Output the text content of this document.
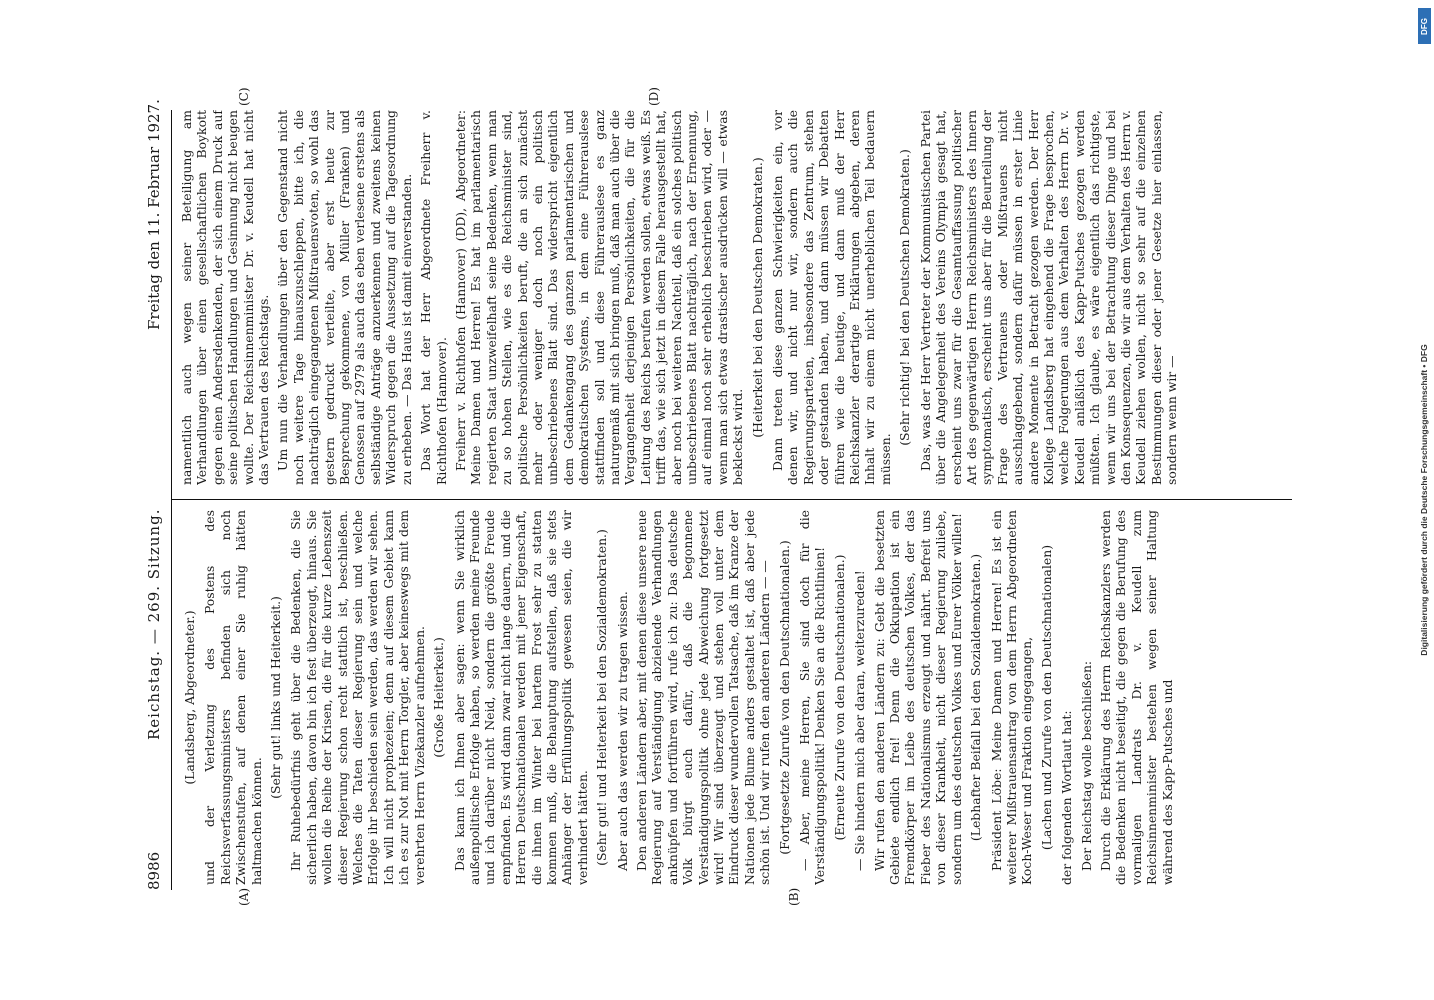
8986
Reichstag. — 269. Sitzung.
Freitag den 11. Februar 1927.
(A)	(B)
(C)	(D)

(Landsberg, Abgeordneter.) und der Verletzung des Postens des Reichsverfassungsministers befinden sich noch Zwischenstufen, auf denen einer Sie ruhig hätten haltmachen können.

(Sehr gut! links und Heiterkeit.) Ihr Ruhebedürfnis geht über die Bedenken, die Sie sicherlich haben, davon bin ich fest überzeugt, hinaus. Sie wollen die Reihe der Krisen, die für die kurze Lebenszeit dieser Regierung schon recht stattlich ist, beschließen. Welches die Taten dieser Regierung sein und welche Erfolge ihr beschieden sein werden, das werden wir sehen. Ich will nicht prophezeien; denn auf diesem Gebiet kann ich es zur Not mit Herrn Torgler, aber keineswegs mit dem verehrten Herrn Vizekanzler aufnehmen. (Große Heiterkeit.) Das kann ich Ihnen aber sagen: wenn Sie wirklich außenpolitische Erfolge haben, so werden meine Freunde und ich darüber nicht Neid, sondern die größte Freude empfinden. Es wird dann zwar nicht lange dauern, und die Herren Deutschnationalen werden mit jener Eigenschaft, die ihnen im Winter bei hartem Frost sehr zu statten kommen muß, die Behauptung aufstellen, daß sie stets Anhänger der Erfüllungspolitik gewesen seien, die wir verhindert hätten. (Sehr gut! und Heiterkeit bei den Sozialdemokraten.) Aber auch das werden wir zu tragen wissen. Den anderen Ländern aber, mit denen diese unsere neue Regierung auf Verständigung abzielende Verhandlungen anknüpfen und fortführen wird, rufe ich zu: Das deutsche Volk bürgt euch dafür, daß die begonnene Verständigungspolitik ohne jede Abweichung fortgesetzt wird! Wir sind überzeugt und stehen voll unter dem Eindruck dieser wundervollen Tatsache, daß im Kranze der Nationen jede Blume anders gestaltet ist, daß aber jede schön ist. Und wir rufen den anderen Ländern — — (Fortgesetzte Zurufe von den Deutschnationalen.) — Aber, meine Herren, Sie sind doch für die Verständigungspolitik! Denken Sie an die Richtlinien! (Erneute Zurufe von den Deutschnationalen.) — Sie hindern mich aber daran, weiterzureden! Wir rufen den anderen Ländern zu: Gebt die besetzten Gebiete endlich frei! Denn die Okkupation ist ein Fremdkörper im Leibe des deutschen Volkes, der das Fieber des Nationalismus erzeugt und nährt. Befreit uns von dieser Krankheit, nicht dieser Regierung zuliebe, sondern um des deutschen Volkes und Eurer Völker willen! (Lebhafter Beifall bei den Sozialdemokraten.) Präsident Löbe: Meine Damen und Herren! Es ist ein weiterer Mißtrauensantrag von dem Herrn Abgeordneten Koch-Weser und Fraktion eingegangen, (Lachen und Zurufe von den Deutschnationalen) der folgenden Wortlaut hat: Der Reichstag wolle beschließen: Durch die Erklärung des Herrn Reichskanzlers werden die Bedenken nicht beseitigt, die gegen die Berufung des vormaligen Landrats Dr. v. Keudell zum Reichsinnenminister bestehen wegen seiner Haltung während des Kapp-Putsches und

namentlich auch wegen seiner Beteiligung am Verhandlungen über einen gesellschaftlichen Boykott gegen einen Andersdenkenden, der sich einem Druck auf seine politischen Handlungen und Gesinnung nicht beugen wollte. Der Reichsinnenminister Dr. v. Keudell hat nicht das Vertrauen des Reichstags. Um nun die Verhandlungen über den Gegenstand nicht noch weitere Tage hinauszuschleppen, bitte ich, die nachträglich eingegangenen Mißtrauensvoten, so wohl das gestern gedruckt verteilte, aber erst heute zur Besprechung gekommene, von Müller (Franken) und Genossen auf 2979 als auch das eben verlesene erstens als selbständige Anträge anzuerkennen und zweitens keinen Widerspruch gegen die Aussetzung auf die Tagesordnung zu erheben. — Das Haus ist damit einverstanden. Das Wort hat der Herr Abgeordnete Freiherr v. Richthofen (Hannover). Freiherr v. Richthofen (Hannover) (DD), Abgeordneter: Meine Damen und Herren! Es hat im parlamentarisch regierten Staat unzweifelhaft seine Bedenken, wenn man zu so hohen Stellen, wie es die Reichsminister sind, politische Persönlichkeiten beruft, die an sich zunächst mehr oder weniger doch noch ein politisch unbeschriebenes Blatt sind. Das widerspricht eigentlich dem Gedankengang des ganzen parlamentarischen und demokratischen Systems, in dem eine Führerauslese stattfinden soll und diese Führerauslese es ganz naturgemäß mit sich bringen muß, daß man auch über die Vergangenheit derjenigen Persönlichkeiten, die für die Leitung des Reichs berufen werden sollen, etwas weiß. Es trifft das, wie sich jetzt in diesem Falle herausgestellt hat, aber noch bei weiteren Nachteil, daß ein solches politisch unbeschriebenes Blatt nachträglich, nach der Ernennung, auf einmal noch sehr erheblich beschrieben wird, oder — wenn man sich etwas drastischer ausdrücken will — etwas bekleckst wird. (Heiterkeit bei den Deutschen Demokraten.) Dann treten diese ganzen Schwierigkeiten ein, vor denen wir, und nicht nur wir, sondern auch die Regierungsparteien, insbesondere das Zentrum, stehen oder gestanden haben, und dann müssen wir Debatten führen wie die heutige, und dann muß der Herr Reichskanzler derartige Erklärungen abgeben, deren Inhalt wir zu einem nicht unerheblichen Teil bedauern müssen.

(Sehr richtig! bei den Deutschen Demokraten.) Das, was der Herr Vertreter der Kommunistischen Partei über die Angelegenheit des Vereins Olympia gesagt hat, erscheint uns zwar für die Gesamtauffassung politischer Art des gegenwärtigen Herrn Reichsministers des Innern symptomatisch, erscheint uns aber für die Beurteilung der Frage des Vertrauens oder Mißtrauens nicht ausschlaggebend, sondern dafür müssen in erster Linie andere Momente in Betracht gezogen werden. Der Herr Kollege Landsberg hat eingehend die Frage besprochen, welche Folgerungen aus dem Verhalten des Herrn Dr. v. Keudell anläßlich des Kapp-Putsches gezogen werden müßten. Ich glaube, es wäre eigentlich das richtigste, wenn wir uns bei der Betrachtung dieser Dinge und bei den Konsequenzen, die wir aus dem Verhalten des Herrn v. Keudell ziehen wollen, nicht so sehr auf die einzelnen Bestimmungen dieser oder jener Gesetze hier einlassen, sondern wenn wir —

DFG
Digitalisierung gefördert durch die Deutsche Forschungsgemeinschaft • DFG
